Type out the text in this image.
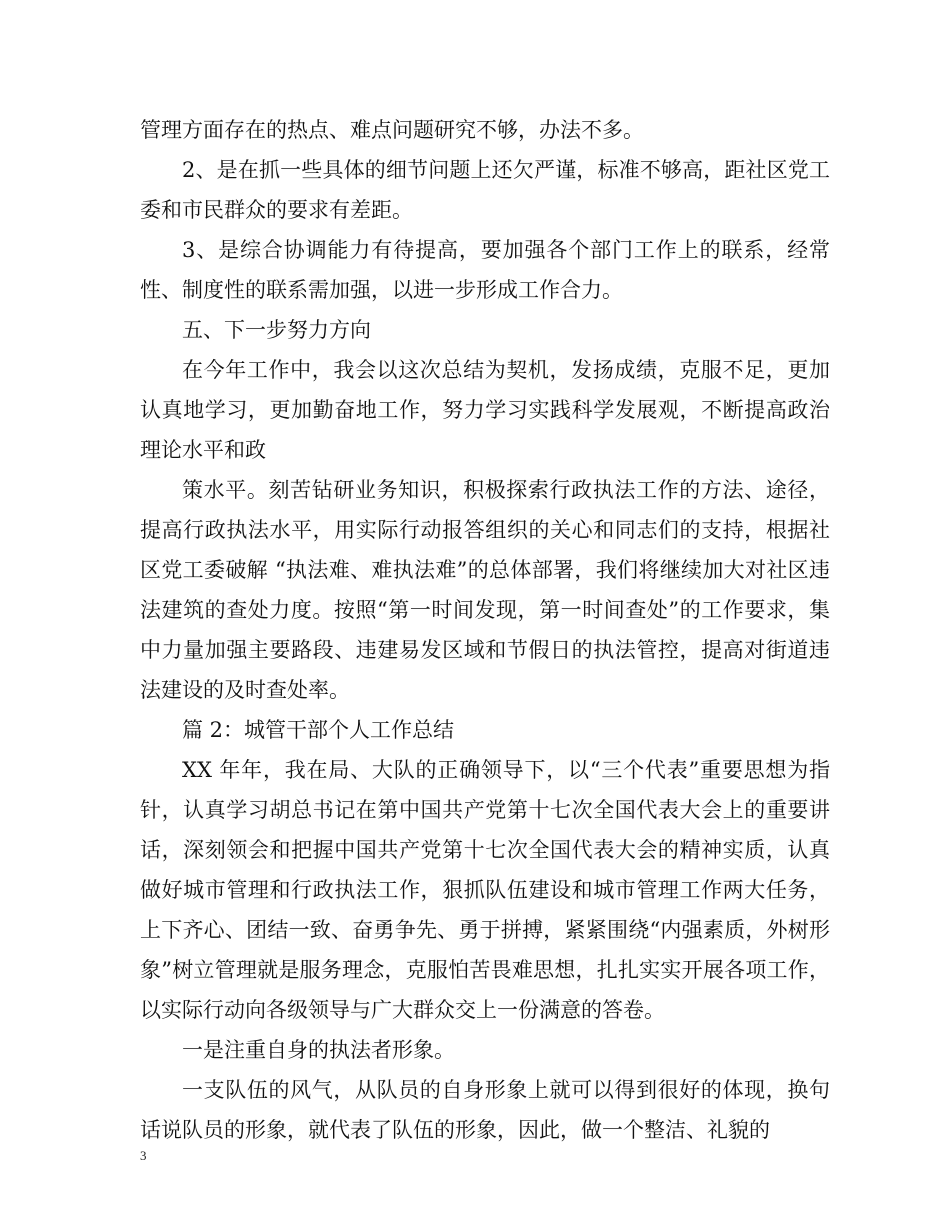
管理方面存在的热点、难点问题研究不够，办法不多。

2、是在抓一些具体的细节问题上还欠严谨，标准不够高，距社区党工委和市民群众的要求有差距。

3、是综合协调能力有待提高，要加强各个部门工作上的联系，经常性、制度性的联系需加强，以进一步形成工作合力。

五、下一步努力方向

在今年工作中，我会以这次总结为契机，发扬成绩，克服不足，更加认真地学习，更加勤奋地工作，努力学习实践科学发展观，不断提高政治理论水平和政

策水平。刻苦钻研业务知识，积极探索行政执法工作的方法、途径，提高行政执法水平，用实际行动报答组织的关心和同志们的支持，根据社区党工委破解 “执法难、难执法难”的总体部署，我们将继续加大对社区违法建筑的查处力度。按照“第一时间发现，第一时间查处”的工作要求，集中力量加强主要路段、违建易发区域和节假日的执法管控，提高对街道违法建设的及时查处率。

篇 2：城管干部个人工作总结

XX 年年，我在局、大队的正确领导下，以“三个代表”重要思想为指针，认真学习胡总书记在第中国共产党第十七次全国代表大会上的重要讲话，深刻领会和把握中国共产党第十七次全国代表大会的精神实质，认真做好城市管理和行政执法工作，狠抓队伍建设和城市管理工作两大任务，上下齐心、团结一致、奋勇争先、勇于拼搏，紧紧围绕“内强素质，外树形象”树立管理就是服务理念，克服怕苦畏难思想，扎扎实实开展各项工作，以实际行动向各级领导与广大群众交上一份满意的答卷。

一是注重自身的执法者形象。

一支队伍的风气，从队员的自身形象上就可以得到很好的体现，换句话说队员的形象，就代表了队伍的形象，因此，做一个整洁、礼貌的

3
